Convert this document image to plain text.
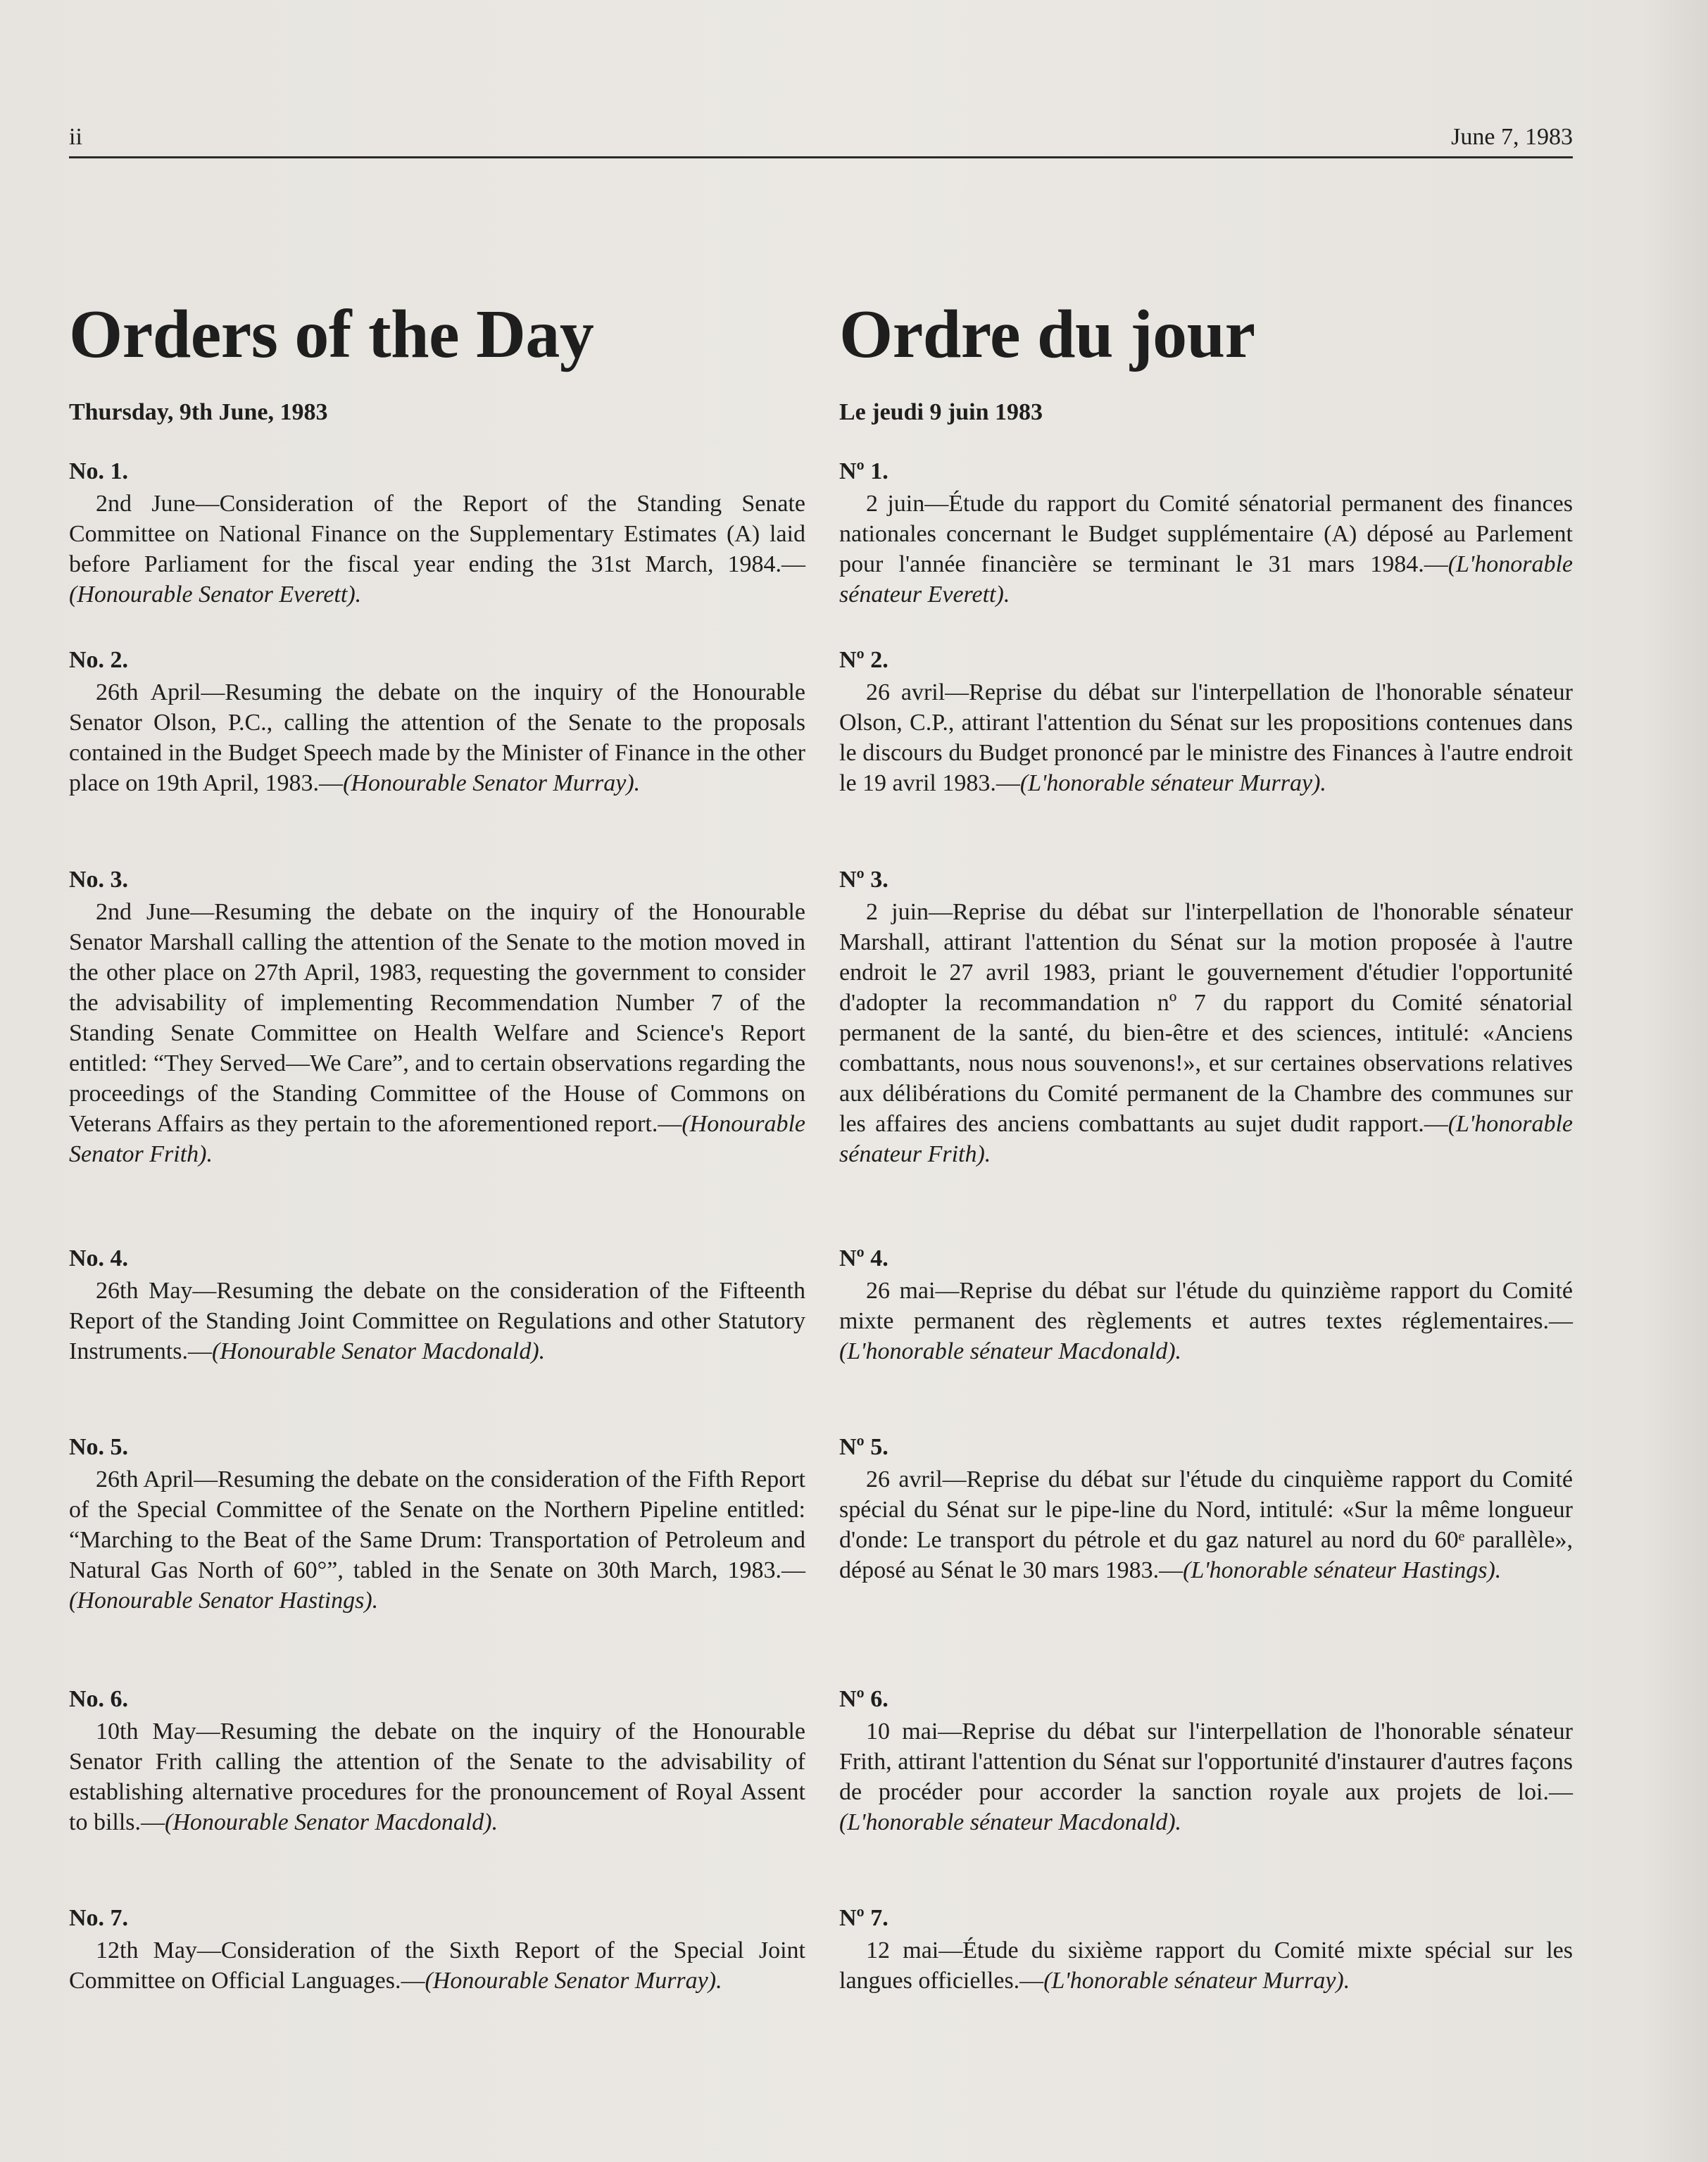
ii	June 7, 1983
Orders of the Day
Thursday, 9th June, 1983
No. 1.
2nd June—Consideration of the Report of the Standing Senate Committee on National Finance on the Supplementary Estimates (A) laid before Parliament for the fiscal year ending the 31st March, 1984.—(Honourable Senator Everett).
No. 2.
26th April—Resuming the debate on the inquiry of the Honourable Senator Olson, P.C., calling the attention of the Senate to the proposals contained in the Budget Speech made by the Minister of Finance in the other place on 19th April, 1983.—(Honourable Senator Murray).
No. 3.
2nd June—Resuming the debate on the inquiry of the Honourable Senator Marshall calling the attention of the Senate to the motion moved in the other place on 27th April, 1983, requesting the government to consider the advisability of implementing Recommendation Number 7 of the Standing Senate Committee on Health Welfare and Science's Report entitled: “They Served—We Care”, and to certain observations regarding the proceedings of the Standing Committee of the House of Commons on Veterans Affairs as they pertain to the aforementioned report.—(Honourable Senator Frith).
No. 4.
26th May—Resuming the debate on the consideration of the Fifteenth Report of the Standing Joint Committee on Regulations and other Statutory Instruments.—(Honourable Senator Macdonald).
No. 5.
26th April—Resuming the debate on the consideration of the Fifth Report of the Special Committee of the Senate on the Northern Pipeline entitled: “Marching to the Beat of the Same Drum: Transportation of Petroleum and Natural Gas North of 60°”, tabled in the Senate on 30th March, 1983.—(Honourable Senator Hastings).
No. 6.
10th May—Resuming the debate on the inquiry of the Honourable Senator Frith calling the attention of the Senate to the advisability of establishing alternative procedures for the pronouncement of Royal Assent to bills.—(Honourable Senator Macdonald).
No. 7.
12th May—Consideration of the Sixth Report of the Special Joint Committee on Official Languages.—(Honourable Senator Murray).
Ordre du jour
Le jeudi 9 juin 1983
Nº 1.
2 juin—Étude du rapport du Comité sénatorial permanent des finances nationales concernant le Budget supplémentaire (A) déposé au Parlement pour l'année financière se terminant le 31 mars 1984.—(L'honorable sénateur Everett).
Nº 2.
26 avril—Reprise du débat sur l'interpellation de l'honorable sénateur Olson, C.P., attirant l'attention du Sénat sur les propositions contenues dans le discours du Budget prononcé par le ministre des Finances à l'autre endroit le 19 avril 1983.—(L'honorable sénateur Murray).
Nº 3.
2 juin—Reprise du débat sur l'interpellation de l'honorable sénateur Marshall, attirant l'attention du Sénat sur la motion proposée à l'autre endroit le 27 avril 1983, priant le gouvernement d'étudier l'opportunité d'adopter la recommandation nº 7 du rapport du Comité sénatorial permanent de la santé, du bien-être et des sciences, intitulé: «Anciens combattants, nous nous souvenons!», et sur certaines observations relatives aux délibérations du Comité permanent de la Chambre des communes sur les affaires des anciens combattants au sujet dudit rapport.—(L'honorable sénateur Frith).
Nº 4.
26 mai—Reprise du débat sur l'étude du quinzième rapport du Comité mixte permanent des règlements et autres textes réglementaires.—(L'honorable sénateur Macdonald).
Nº 5.
26 avril—Reprise du débat sur l'étude du cinquième rapport du Comité spécial du Sénat sur le pipe-line du Nord, intitulé: «Sur la même longueur d'onde: Le transport du pétrole et du gaz naturel au nord du 60ᵉ parallèle», déposé au Sénat le 30 mars 1983.—(L'honorable sénateur Hastings).
Nº 6.
10 mai—Reprise du débat sur l'interpellation de l'honorable sénateur Frith, attirant l'attention du Sénat sur l'opportunité d'instaurer d'autres façons de procéder pour accorder la sanction royale aux projets de loi.—(L'honorable sénateur Macdonald).
Nº 7.
12 mai—Étude du sixième rapport du Comité mixte spécial sur les langues officielles.—(L'honorable sénateur Murray).
